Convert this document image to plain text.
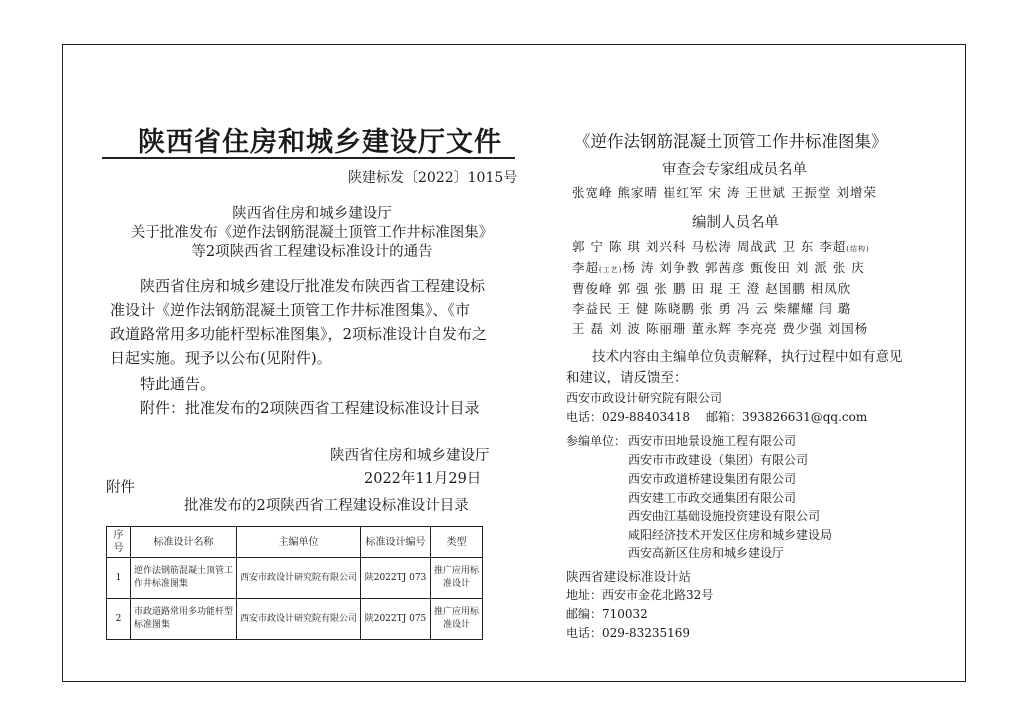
陕西省住房和城乡建设厅文件
陕建标发〔2022〕1015号
陕西省住房和城乡建设厅
关于批准发布《逆作法钢筋混凝土顶管工作井标准图集》
等2项陕西省工程建设标准设计的通告
陕西省住房和城乡建设厅批准发布陕西省工程建设标
准设计《逆作法钢筋混凝土顶管工作井标准图集》、《市
政道路常用多功能杆型标准图集》，2项标准设计自发布之
日起实施。现予以公布(见附件)。
特此通告。
附件：批准发布的2项陕西省工程建设标准设计目录
陕西省住房和城乡建设厅
2022年11月29日
附件
批准发布的2项陕西省工程建设标准设计目录
序号	标准设计名称	主编单位	标准设计编号	类型
1	逆作法钢筋混凝土顶管工作井标准图集	西安市政设计研究院有限公司	陕2022TJ 073	推广应用标准设计
2	市政道路常用多功能杆型标准图集	西安市政设计研究院有限公司	陕2022TJ 075	推广应用标准设计
《逆作法钢筋混凝土顶管工作井标准图集》
审查会专家组成员名单
张宽峰 熊家晴 崔红军 宋 涛 王世斌 王振堂 刘增荣
编制人员名单
郭 宁 陈 琪 刘兴科 马松涛 周战武 卫 东 李超(结构)
李超(工艺)杨 涛 刘争教 郭茜彦 甄俊田 刘 派 张 庆
曹俊峰 郭 强 张 鹏 田 琨 王 澄 赵国鹏 相凤欣
李益民 王 健 陈晓鹏 张 勇 冯 云 柴耀耀 闫 璐
王 磊 刘 波 陈丽珊 董永辉 李亮亮 费少强 刘国杨
技术内容由主编单位负责解释，执行过程中如有意见
和建议，请反馈至：
西安市政设计研究院有限公司
电话：029-88403418 邮箱：393826631@qq.com
参编单位： 西安市田地景设施工程有限公司
西安市市政建设（集团）有限公司
西安市政道桥建设集团有限公司
西安建工市政交通集团有限公司
西安曲江基础设施投资建设有限公司
咸阳经济技术开发区住房和城乡建设局
西安高新区住房和城乡建设厅
陕西省建设标准设计站
地址：西安市金花北路32号
邮编：710032
电话：029-83235169
